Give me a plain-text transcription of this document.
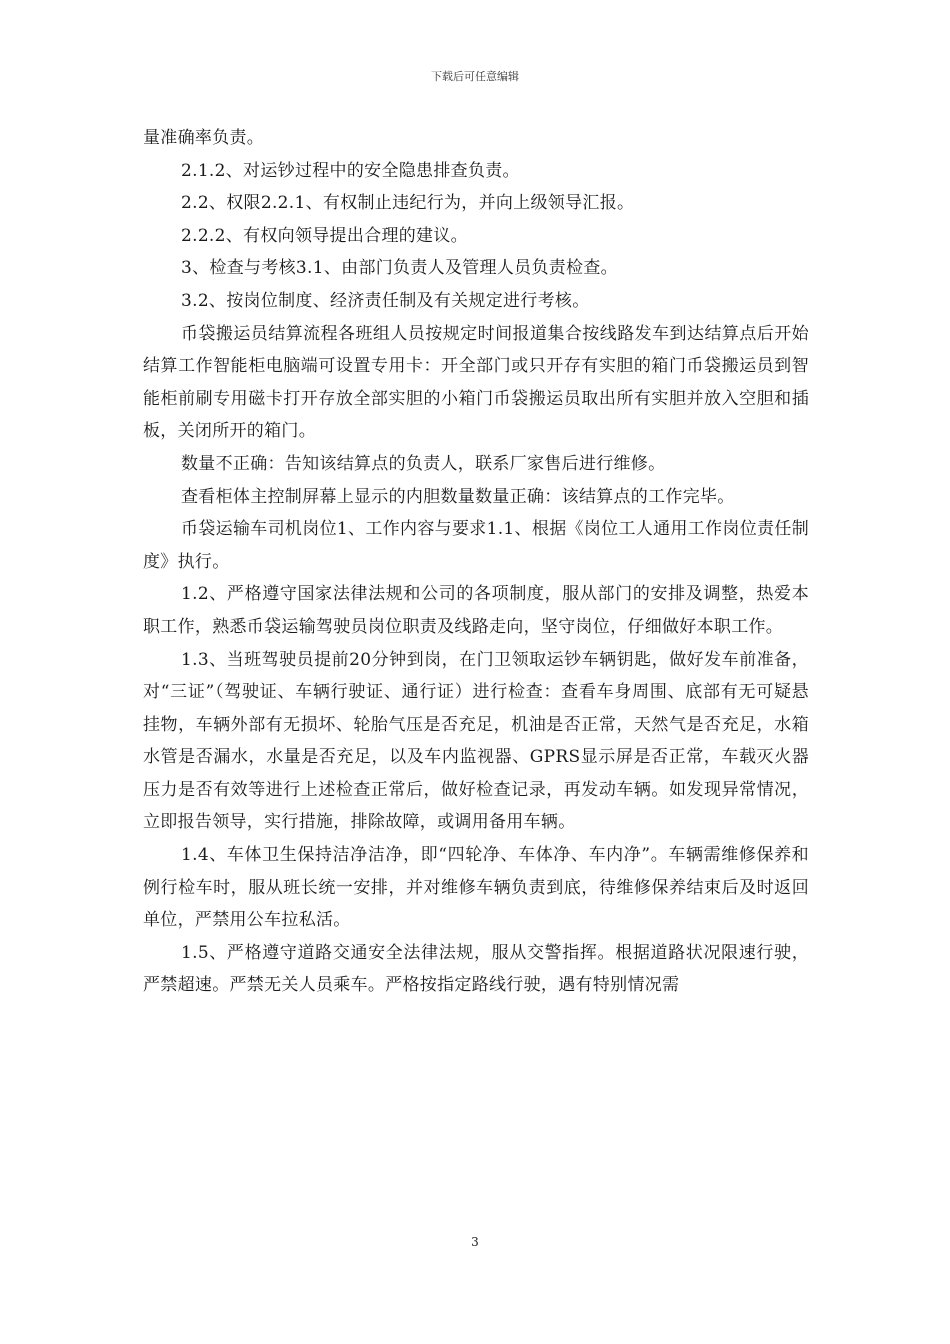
下载后可任意编辑

量准确率负责。

2.1.2、对运钞过程中的安全隐患排查负责。

2.2、权限2.2.1、有权制止违纪行为，并向上级领导汇报。

2.2.2、有权向领导提出合理的建议。

3、检查与考核3.1、由部门负责人及管理人员负责检查。

3.2、按岗位制度、经济责任制及有关规定进行考核。

币袋搬运员结算流程各班组人员按规定时间报道集合按线路发车到达结算点后开始结算工作智能柜电脑端可设置专用卡：开全部门或只开存有实胆的箱门币袋搬运员到智能柜前刷专用磁卡打开存放全部实胆的小箱门币袋搬运员取出所有实胆并放入空胆和插板，关闭所开的箱门。

数量不正确：告知该结算点的负责人，联系厂家售后进行维修。

查看柜体主控制屏幕上显示的内胆数量数量正确：该结算点的工作完毕。

币袋运输车司机岗位1、工作内容与要求1.1、根据《岗位工人通用工作岗位责任制度》执行。

1.2、严格遵守国家法律法规和公司的各项制度，服从部门的安排及调整，热爱本职工作，熟悉币袋运输驾驶员岗位职责及线路走向，坚守岗位，仔细做好本职工作。

1.3、当班驾驶员提前20分钟到岗，在门卫领取运钞车辆钥匙，做好发车前准备，对“三证”（驾驶证、车辆行驶证、通行证）进行检查：查看车身周围、底部有无可疑悬挂物，车辆外部有无损坏、轮胎气压是否充足，机油是否正常，天然气是否充足，水箱水管是否漏水，水量是否充足，以及车内监视器、GPRS显示屏是否正常，车载灭火器压力是否有效等进行上述检查正常后，做好检查记录，再发动车辆。如发现异常情况，立即报告领导，实行措施，排除故障，或调用备用车辆。

1.4、车体卫生保持洁净洁净，即“四轮净、车体净、车内净”。车辆需维修保养和例行检车时，服从班长统一安排，并对维修车辆负责到底，待维修保养结束后及时返回单位，严禁用公车拉私活。

1.5、严格遵守道路交通安全法律法规，服从交警指挥。根据道路状况限速行驶，严禁超速。严禁无关人员乘车。严格按指定路线行驶，遇有特别情况需

3
